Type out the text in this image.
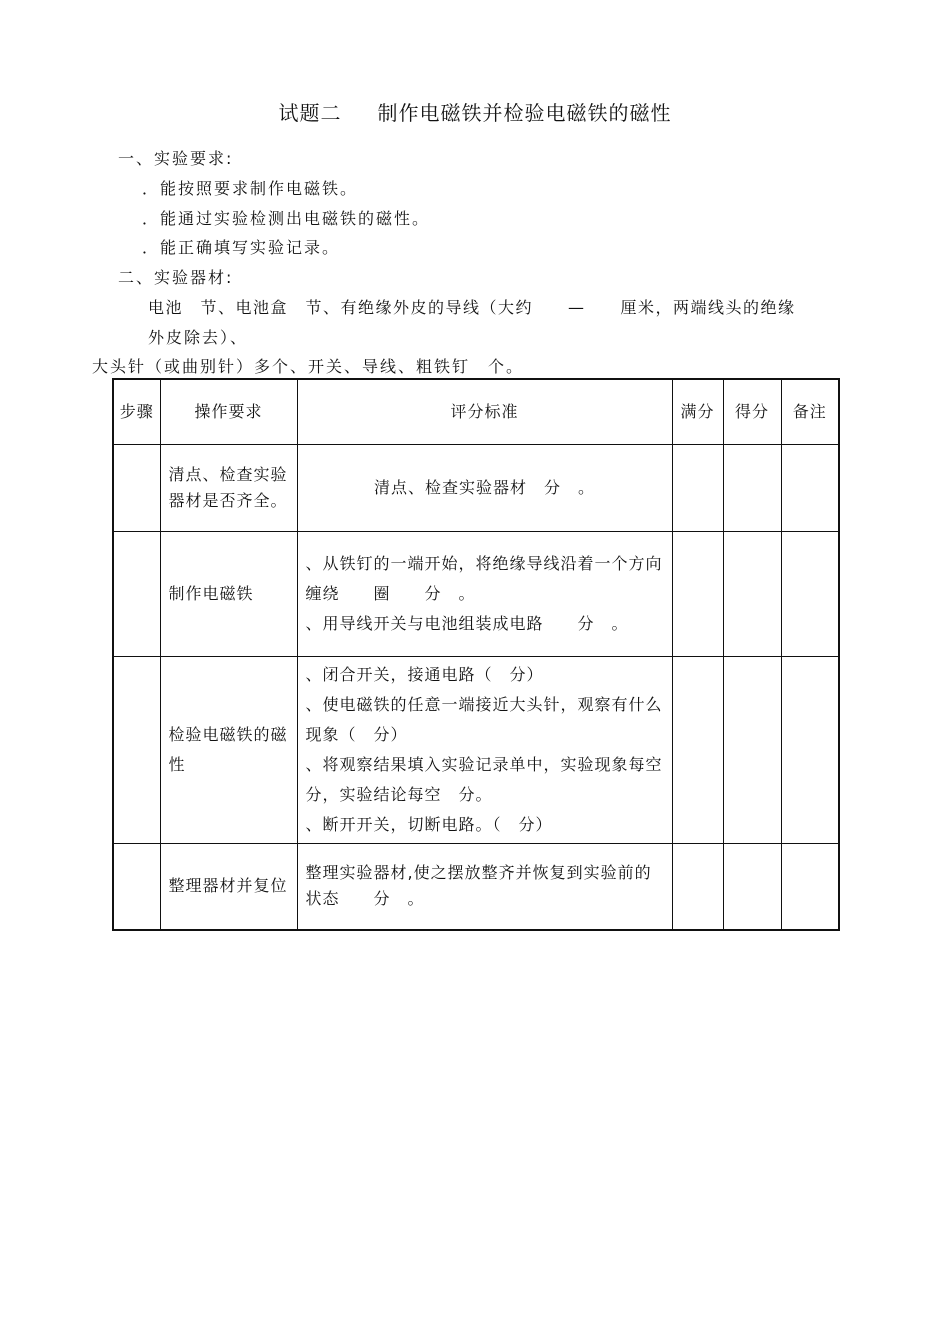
试题二 制作电磁铁并检验电磁铁的磁性
一、实验要求:
．能按照要求制作电磁铁。
．能通过实验检测出电磁铁的磁性。
．能正确填写实验记录。
二、实验器材:
电池　节、电池盒　节、有绝缘外皮的导线（大约　　—　　厘米，两端线头的绝缘
外皮除去）、
大头针（或曲别针）多个、开关、导线、粗铁钉　个。
步骤	操作要求	评分标准	满分	得分	备注
	清点、检查实验器材是否齐全。	清点、检查实验器材　分　。			

	制作电磁铁	、从铁钉的一端开始，将绝缘导线沿着一个方向缠绕　　圈　　分　。

、用导线开关与电池组装成电路　　分　。			

	检验电磁铁的磁性	、闭合开关，接通电路（　分）

、使电磁铁的任意一端接近大头针，观察有什么现象（　分）

、将观察结果填入实验记录单中，实验现象每空　分，实验结论每空　分。

、断开开关，切断电路。（　分）			

	整理器材并复位	整理实验器材,使之摆放整齐并恢复到实验前的状态　　分　。			
